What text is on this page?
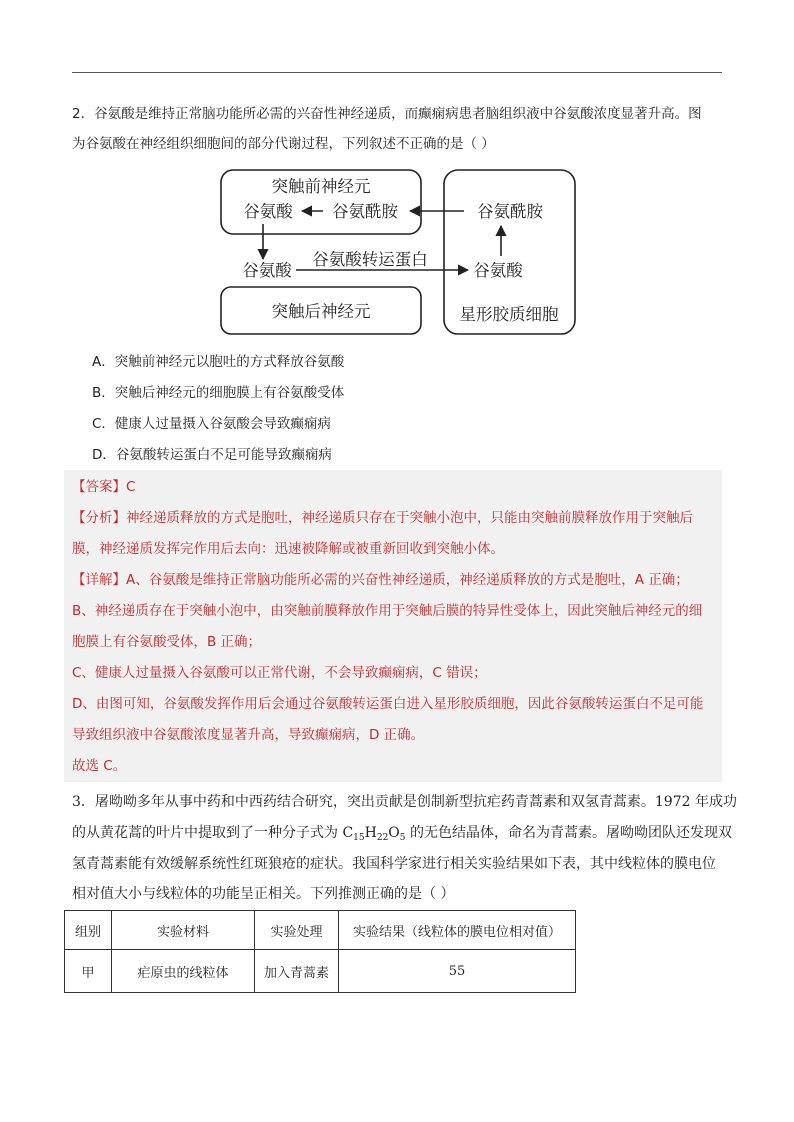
2．谷氨酸是维持正常脑功能所必需的兴奋性神经递质，而癫痫病患者脑组织液中谷氨酸浓度显著升高。图
为谷氨酸在神经组织细胞间的部分代谢过程，下列叙述不正确的是（ ）
突触前神经元
谷氨酸 谷氨酰胺	谷氨酰胺
谷氨酸
谷氨酸转运蛋白
谷氨酸
突触后神经元	星形胶质细胞
A．突触前神经元以胞吐的方式释放谷氨酸
B．突触后神经元的细胞膜上有谷氨酸受体
C．健康人过量摄入谷氨酸会导致癫痫病
D．谷氨酸转运蛋白不足可能导致癫痫病
【答案】C
【分析】神经递质释放的方式是胞吐，神经递质只存在于突触小泡中，只能由突触前膜释放作用于突触后
膜，神经递质发挥完作用后去向：迅速被降解或被重新回收到突触小体。
【详解】A、谷氨酸是维持正常脑功能所必需的兴奋性神经递质，神经递质释放的方式是胞吐，A 正确；
B、神经递质存在于突触小泡中，由突触前膜释放作用于突触后膜的特异性受体上，因此突触后神经元的细
胞膜上有谷氨酸受体，B 正确；
C、健康人过量摄入谷氨酸可以正常代谢，不会导致癫痫病，C 错误；
D、由图可知，谷氨酸发挥作用后会通过谷氨酸转运蛋白进入星形胶质细胞，因此谷氨酸转运蛋白不足可能
导致组织液中谷氨酸浓度显著升高，导致癫痫病，D 正确。
故选 C。
3．屠呦呦多年从事中药和中西药结合研究，突出贡献是创制新型抗疟药青蒿素和双氢青蒿素。1972 年成功
的从黄花蒿的叶片中提取到了一种分子式为 $C_{15}H_{22}O_5$ 的无色结晶体，命名为青蒿素。屠呦呦团队还发现双
氢青蒿素能有效缓解系统性红斑狼疮的症状。我国科学家进行相关实验结果如下表，其中线粒体的膜电位
相对值大小与线粒体的功能呈正相关。下列推测正确的是（ ）
组别	实验材料	实验处理	实验结果（线粒体的膜电位相对值）
甲	疟原虫的线粒体	加入青蒿素	55
